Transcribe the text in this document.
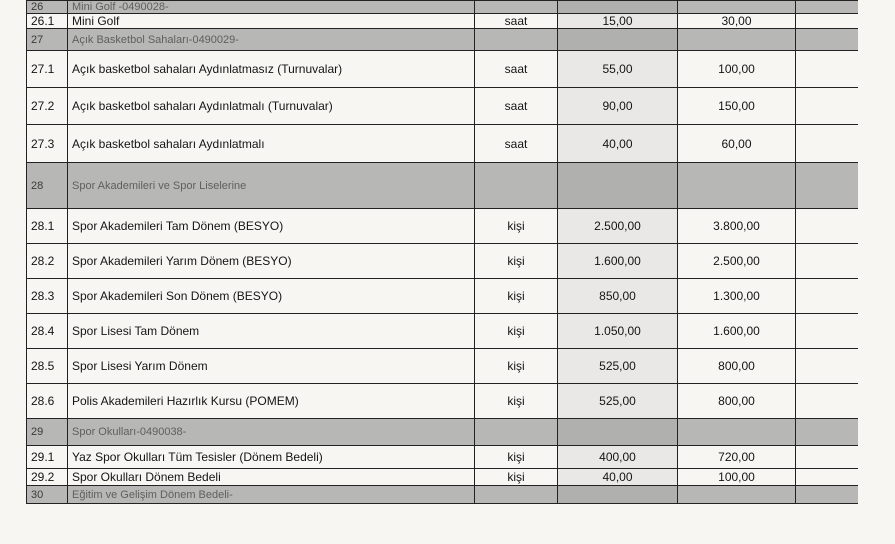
26	Mini Golf -0490028-				
26.1	Mini Golf	saat	15,00	30,00	
27	Açık Basketbol Sahaları-0490029-				
27.1	Açık basketbol sahaları Aydınlatmasız (Turnuvalar)	saat	55,00	100,00	
27.2	Açık basketbol sahaları Aydınlatmalı (Turnuvalar)	saat	90,00	150,00	
27.3	Açık basketbol sahaları Aydınlatmalı	saat	40,00	60,00	
28	Spor Akademileri ve Spor Liselerine				
28.1	Spor Akademileri Tam Dönem (BESYO)	kişi	2.500,00	3.800,00	
28.2	Spor Akademileri Yarım Dönem (BESYO)	kişi	1.600,00	2.500,00	
28.3	Spor Akademileri Son Dönem (BESYO)	kişi	850,00	1.300,00	
28.4	Spor Lisesi Tam Dönem	kişi	1.050,00	1.600,00	
28.5	Spor Lisesi Yarım Dönem	kişi	525,00	800,00	
28.6	Polis Akademileri Hazırlık Kursu (POMEM)	kişi	525,00	800,00	
29	Spor Okulları-0490038-				
29.1	Yaz Spor Okulları Tüm Tesisler (Dönem Bedeli)	kişi	400,00	720,00	
29.2	Spor Okulları Dönem Bedeli	kişi	40,00	100,00	
30	Eğitim ve Gelişim Dönem Bedeli-				
